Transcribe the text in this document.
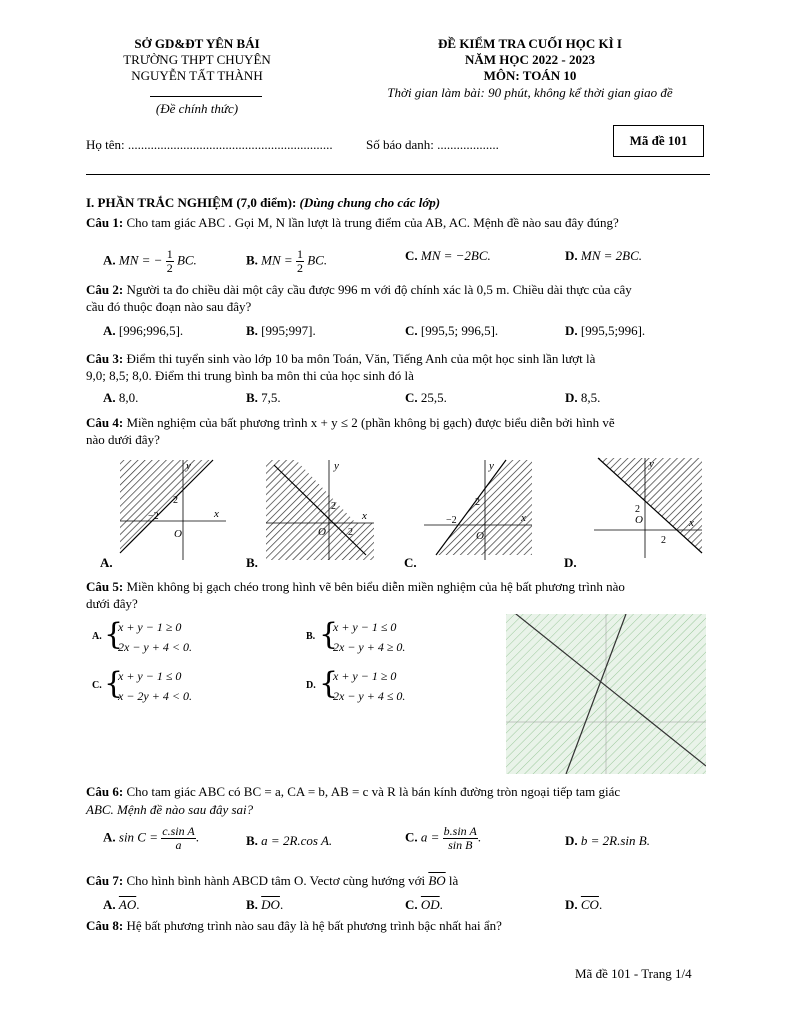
SỞ GD&ĐT YÊN BÁI
TRƯỜNG THPT CHUYÊN
NGUYỄN TẤT THÀNH
(Đề chính thức)
ĐỀ KIỂM TRA CUỐI HỌC KÌ I
NĂM HỌC 2022 - 2023
MÔN: TOÁN 10
Thời gian làm bài: 90 phút, không kể thời gian giao đề
Họ tên: ...............................................................	Số báo danh: ...................	Mã đề 101
I. PHẦN TRẮC NGHIỆM (7,0 điểm): (Dùng chung cho các lớp)
Câu 1: Cho tam giác ABC . Gọi M, N lần lượt là trung điểm của AB, AC. Mệnh đề nào sau đây đúng?
A. MN = − $\frac{1}{2}$ BC.	B. MN = $\frac{1}{2}$ BC.	C. MN = −2BC.	D. MN = 2BC.
Câu 2: Người ta đo chiều dài một cây cầu được 996 m với độ chính xác là 0,5 m. Chiều dài thực của cây
cầu đó thuộc đoạn nào sau đây?
A. [996;996,5].	B. [995;997].	C. [995,5; 996,5].	D. [995,5;996].
Câu 3: Điểm thi tuyển sinh vào lớp 10 ba môn Toán, Văn, Tiếng Anh của một học sinh lần lượt là
9,0; 8,5; 8,0. Điểm thi trung bình ba môn thi của học sinh đó là
A. 8,0.	B. 7,5.	C. 25,5.	D. 8,5.
Câu 4: Miền nghiệm của bất phương trình x + y ≤ 2 (phần không bị gạch) được biểu diễn bởi hình vẽ
nào dưới đây?
y
x
O
2
−2
A.
y
x
O
2
2
B.
y
x
O
2
−2
C.
y
x
O
2
2
D.
Câu 5: Miền không bị gạch chéo trong hình vẽ bên biểu diễn miền nghiệm của hệ bất phương trình nào
dưới đây?
A. {
x + y − 1 ≥ 0
2x − y + 4 < 0.
B. {
x + y − 1 ≤ 0
2x − y + 4 ≥ 0.
C. {
x + y − 1 ≤ 0
x − 2y + 4 < 0.
D. {
x + y − 1 ≥ 0
2x − y + 4 ≤ 0.
Câu 6: Cho tam giác ABC có BC = a, CA = b, AB = c và R là bán kính đường tròn ngoại tiếp tam giác
ABC. Mệnh đề nào sau đây sai?
A. $\sin C = \frac{\text{c.sin A}}{a}$ .	B. a = 2R.cos A.	C. $a = \frac{\text{b.sin A}}{\text{sin B}}$ .	D. b = 2R.sin B.
Câu 7: Cho hình bình hành ABCD tâm O. Vectơ cùng hướng với $\overline{BO}$ là
A. $\overline{AO}$.	B. $\overline{DO}$.	C. $\overline{OD}$.	D. $\overline{CO}$.
Câu 8: Hệ bất phương trình nào sau đây là hệ bất phương trình bậc nhất hai ẩn?
Mã đề 101 - Trang 1/4
